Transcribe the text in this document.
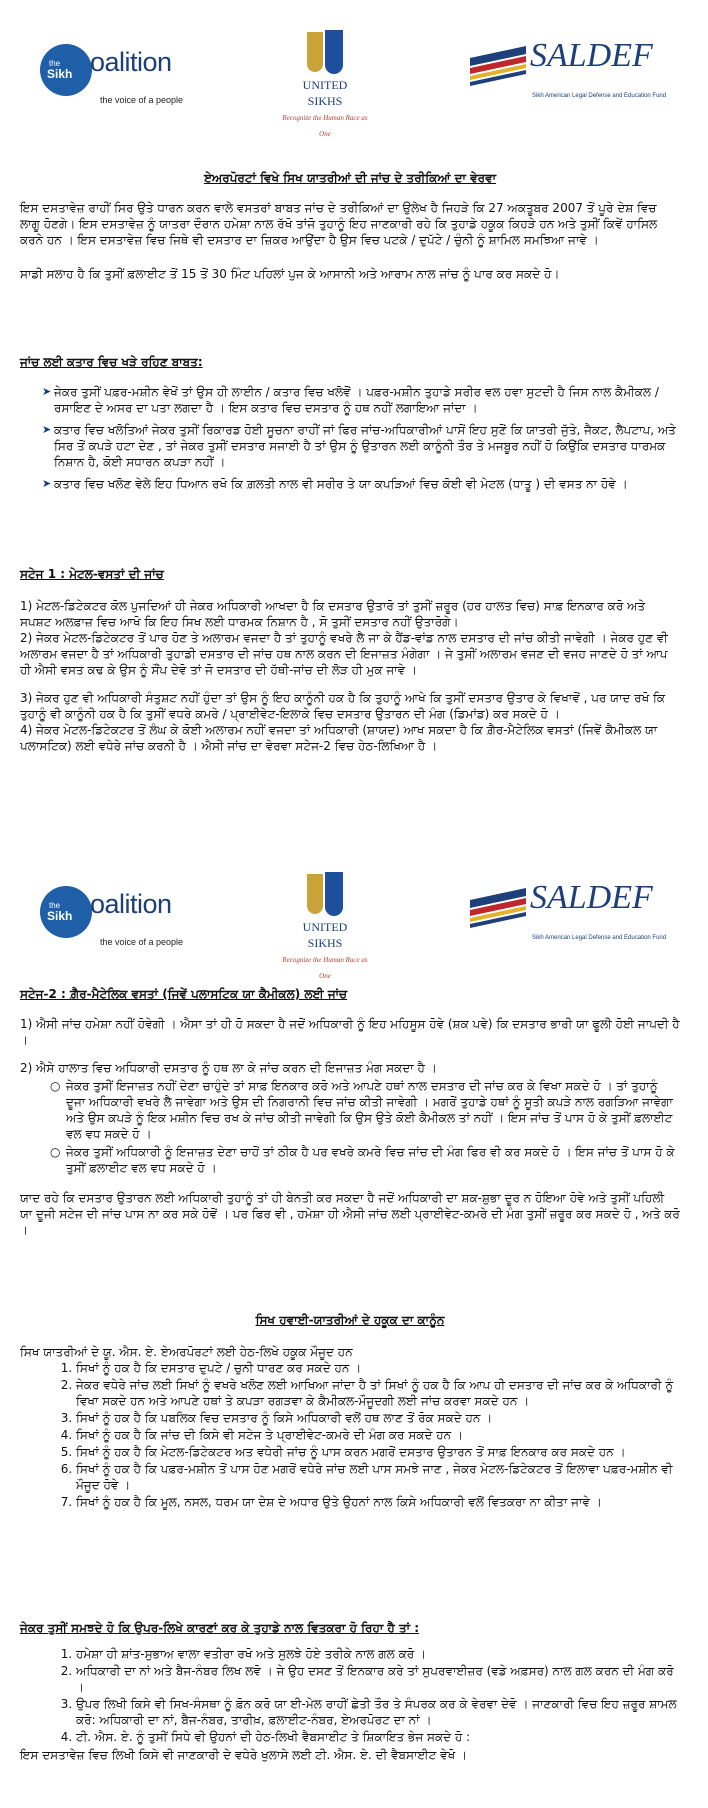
the
Sikh oalition
the voice of a people
UNITED
SIKHS
Recognize the Human Race as One
SALDEF
Sikh American Legal Defense and Education Fund
ਏਅਰਪੋਰਟਾਂ ਵਿਖੇ ਸਿਖ ਯਾਤਰੀਆਂ ਦੀ ਜਾਂਚ ਦੇ ਤਰੀਕਿਆਂ ਦਾ ਵੇਰਵਾ

ਇਸ ਦਸਤਾਵੇਜ਼ ਰਾਹੀਂ ਸਿਰ ਉਤੇ ਧਾਰਨ ਕਰਨ ਵਾਲੇ ਵਸਤਰਾਂ ਬਾਬਤ ਜਾਂਚ ਦੇ ਤਰੀਕਿਆਂ ਦਾ ਉਲੇਖ ਹੈ ਜਿਹੜੇ ਕਿ 27 ਅਕਤੂਬਰ 2007 ਤੋਂ ਪੂਰੇ ਦੇਸ਼ ਵਿਚ ਲਾਗੂ ਹੋਣਗੇ। ਇਸ ਦਸਤਾਵੇਜ਼ ਨੂੰ ਯਾਤਰਾ ਦੌਰਾਨ ਹਮੇਸ਼ਾ ਨਾਲ ਰੱਖੋ ਤਾਂਜੋ ਤੁਹਾਨੂੰ ਇਹ ਜਾਣਕਾਰੀ ਰਹੇ ਕਿ ਤੁਹਾਡੇ ਹਕੂਕ ਕਿਹੜੇ ਹਨ ਅਤੇ ਤੁਸੀਂ ਕਿਵੇਂ ਹਾਸਿਲ ਕਰਨੇ ਹਨ । ਇਸ ਦਸਤਾਵੇਜ਼ ਵਿਚ ਜਿਥੇ ਵੀ ਦਸਤਾਰ ਦਾ ਜ਼ਿਕਰ ਆਉਂਦਾ ਹੈ ਉਸ ਵਿਚ ਪਟਕੇ / ਦੁਪੱਟੇ / ਚੁੰਨੀ ਨੂੰ ਸ਼ਾਮਿਲ ਸਮਝਿਆ ਜਾਵੇ ।

ਸਾਡੀ ਸਲਾਹ ਹੈ ਕਿ ਤੁਸੀਂ ਫ਼ਲਾਈਟ ਤੋਂ 15 ਤੋਂ 30 ਮਿੰਟ ਪਹਿਲਾਂ ਪੁਜ ਕੇ ਆਸਾਨੀ ਅਤੇ ਆਰਾਮ ਨਾਲ ਜਾਂਚ ਨੂੰ ਪਾਰ ਕਰ ਸਕਦੇ ਹੋ।

ਜਾਂਚ ਲਈ ਕਤਾਰ ਵਿਚ ਖੜੇ ਰਹਿਣ ਬਾਬਤ:
➤ ਜੇਕਰ ਤੁਸੀਂ ਪਫ਼ਰ-ਮਸ਼ੀਨ ਵੇਖੋਂ ਤਾਂ ਉਸ ਹੀ ਲਾਈਨ / ਕਤਾਰ ਵਿਚ ਖਲੋਵੋਂ । ਪਫ਼ਰ-ਮਸ਼ੀਨ ਤੁਹਾਡੇ ਸਰੀਰ ਵਲ ਹਵਾ ਸੁਟਦੀ ਹੈ ਜਿਸ ਨਾਲ ਕੈਮੀਕਲ / ਰਸਾਇਣ ਦੇ ਅਸਰ ਦਾ ਪਤਾ ਲਗਦਾ ਹੈ । ਇਸ ਕਤਾਰ ਵਿਚ ਦਸਤਾਰ ਨੂੰ ਹਥ ਨਹੀਂ ਲਗਾਇਆ ਜਾਂਦਾ ।
➤ ਕਤਾਰ ਵਿਚ ਖਲੋਤਿਆਂ ਜੇਕਰ ਤੁਸੀਂ ਰਿਕਾਰਡ ਹੋਈ ਸੂਚਨਾ ਰਾਹੀਂ ਜਾਂ ਫਿਰ ਜਾਂਚ-ਅਧਿਕਾਰੀਆਂ ਪਾਸੋਂ ਇਹ ਸੁਣੋਂ ਕਿ ਯਾਤਰੀ ਜੁੱਤੇ, ਜੈਕਟ, ਲੈਪਟਾਪ, ਅਤੇ ਸਿਰ ਤੋਂ ਕਪੜੇ ਹਟਾ ਦੇਣ , ਤਾਂ ਜੇਕਰ ਤੁਸੀਂ ਦਸਤਾਰ ਸਜਾਈ ਹੈ ਤਾਂ ਉਸ ਨੂੰ ਉਤਾਰਨ ਲਈ ਕਾਨੂੰਨੀ ਤੌਰ ਤੇ ਮਜਬੂਰ ਨਹੀਂ ਹੋ ਕਿਉਂਕਿ ਦਸਤਾਰ ਧਾਰਮਕ ਨਿਸ਼ਾਨ ਹੈ, ਕੋਈ ਸਧਾਰਨ ਕਪੜਾ ਨਹੀਂ ।
➤ ਕਤਾਰ ਵਿਚ ਖਲੋਣ ਵੇਲੇ ਇਹ ਧਿਆਨ ਰਖੋ ਕਿ ਗ਼ਲਤੀ ਨਾਲ ਵੀ ਸਰੀਰ ਤੇ ਯਾ ਕਪੜਿਆਂ ਵਿਚ ਕੋਈ ਵੀ ਮੇਟਲ (ਧਾਤੂ ) ਦੀ ਵਸਤ ਨਾ ਹੋਵੇ ।
ਸਟੇਜ 1 : ਮੇਟਲ-ਵਸਤਾਂ ਦੀ ਜਾਂਚ

1) ਮੇਟਲ-ਡਿਟੇਕਟਰ ਕੋਲ ਪੁਜਦਿਆਂ ਹੀ ਜੇਕਰ ਅਧਿਕਾਰੀ ਆਖਦਾ ਹੈ ਕਿ ਦਸਤਾਰ ਉਤਾਰੋ ਤਾਂ ਤੁਸੀਂ ਜ਼ਰੂਰ (ਹਰ ਹਾਲਤ ਵਿਚ) ਸਾਫ਼ ਇਨਕਾਰ ਕਰੋ ਅਤੇ ਸਪਸ਼ਟ ਅਲਫ਼ਾਜ਼ ਵਿਚ ਆਖੋ ਕਿ ਇਹ ਸਿਖ ਲਈ ਧਾਰਮਕ ਨਿਸ਼ਾਨ ਹੈ , ਸੋ ਤੁਸੀਂ ਦਸਤਾਰ ਨਹੀਂ ਉਤਾਰੋਗੇ।

2) ਜੇਕਰ ਮੇਟਲ-ਡਿਟੇਕਟਰ ਤੋਂ ਪਾਰ ਹੋਣ ਤੇ ਅਲਾਰਮ ਵਜਦਾ ਹੈ ਤਾਂ ਤੁਹਾਨੂੰ ਵਖਰੇ ਲੈ ਜਾ ਕੇ ਹੈਂਡ-ਵਾਂਡ ਨਾਲ ਦਸਤਾਰ ਦੀ ਜਾਂਚ ਕੀਤੀ ਜਾਵੇਗੀ । ਜੇਕਰ ਹੁਣ ਵੀ ਅਲਾਰਮ ਵਜਦਾ ਹੈ ਤਾਂ ਅਧਿਕਾਰੀ ਤੁਹਾਡੀ ਦਸਤਾਰ ਦੀ ਜਾਂਚ ਹਥ ਨਾਲ ਕਰਨ ਦੀ ਇਜਾਜ਼ਤ ਮੰਗੇਗਾ । ਜੇ ਤੁਸੀਂ ਅਲਾਰਮ ਵਜਣ ਦੀ ਵਜਹ ਜਾਣਦੇ ਹੋ ਤਾਂ ਆਪ ਹੀ ਐਸੀ ਵਸਤ ਕਢ ਕੇ ਉਸ ਨੂੰ ਸੌਂਪ ਦੇਵੋ ਤਾਂ ਜੋ ਦਸਤਾਰ ਦੀ ਹੱਥੀ-ਜਾਂਚ ਦੀ ਲੋੜ ਹੀ ਮੁਕ ਜਾਵੇ ।

3) ਜੇਕਰ ਹੁਣ ਵੀ ਅਧਿਕਾਰੀ ਸੰਤੁਸ਼ਟ ਨਹੀਂ ਹੁੰਦਾ ਤਾਂ ਉਸ ਨੂੰ ਇਹ ਕਾਨੂੰਨੀ ਹਕ ਹੈ ਕਿ ਤੁਹਾਨੂੰ ਆਖੇ ਕਿ ਤੁਸੀਂ ਦਸਤਾਰ ਉਤਾਰ ਕੇ ਵਿਖਾਵੋਂ , ਪਰ ਯਾਦ ਰਖੋ ਕਿ ਤੁਹਾਨੂੰ ਵੀ ਕਾਨੂੰਨੀ ਹਕ ਹੈ ਕਿ ਤੁਸੀਂ ਵਧਰੇ ਕਮਰੇ / ਪ੍ਰਾਈਵੇਟ-ਇਲਾਕੇ ਵਿਚ ਦਸਤਾਰ ਉਤਾਰਨ ਦੀ ਮੰਗ (ਡਿਮਾਂਡ) ਕਰ ਸਕਦੇ ਹੋ ।

4) ਜੇਕਰ ਮੇਟਲ-ਡਿਟੇਕਟਰ ਤੋਂ ਲੰਘ ਕੇ ਕੋਈ ਅਲਾਰਮ ਨਹੀਂ ਵਜਦਾ ਤਾਂ ਅਧਿਕਾਰੀ (ਸ਼ਾਯਦ) ਆਖ ਸਕਦਾ ਹੈ ਕਿ ਗ਼ੈਰ-ਮੈਟੇਲਿਕ ਵਸਤਾਂ (ਜਿਵੇਂ ਕੈਮੀਕਲ ਯਾ ਪਲਾਸਟਿਕ) ਲਈ ਵਧੇਰੇ ਜਾਂਚ ਕਰਨੀ ਹੈ । ਐਸੀ ਜਾਂਚ ਦਾ ਵੇਰਵਾ ਸਟੇਜ-2 ਵਿਚ ਹੇਠ-ਲਿਖਿਆ ਹੈ ।

the
Sikh oalition
the voice of a people
UNITED
SIKHS
Recognize the Human Race as One
SALDEF
Sikh American Legal Defense and Education Fund
ਸਟੇਜ-2 : ਗ਼ੈਰ-ਮੈਟੇਲਿਕ ਵਸਤਾਂ (ਜਿਵੇਂ ਪਲਾਸਟਿਕ ਯਾ ਕੈਮੀਕਲ) ਲਈ ਜਾਂਚ

1) ਐਸੀ ਜਾਂਚ ਹਮੇਸ਼ਾ ਨਹੀਂ ਹੋਵੇਗੀ । ਐਸਾ ਤਾਂ ਹੀ ਹੋ ਸਕਦਾ ਹੈ ਜਦੋਂ ਅਧਿਕਾਰੀ ਨੂੰ ਇਹ ਮਹਿਸੂਸ ਹੋਵੇ (ਸ਼ਕ ਪਵੇ) ਕਿ ਦਸਤਾਰ ਭਾਰੀ ਯਾ ਫੂਲੀ ਹੋਈ ਜਾਪਦੀ ਹੈ ।

2) ਐਸੇ ਹਾਲਾਤ ਵਿਚ ਅਧਿਕਾਰੀ ਦਸਤਾਰ ਨੂੰ ਹਥ ਲਾ ਕੇ ਜਾਂਚ ਕਰਨ ਦੀ ਇਜਾਜ਼ਤ ਮੰਗ ਸਕਦਾ ਹੈ ।

○ ਜੇਕਰ ਤੁਸੀਂ ਇਜਾਜ਼ਤ ਨਹੀਂ ਦੇਣਾ ਚਾਹੁੰਦੇ ਤਾਂ ਸਾਫ਼ ਇਨਕਾਰ ਕਰੋ ਅਤੇ ਆਪਣੇ ਹਥਾਂ ਨਾਲ ਦਸਤਾਰ ਦੀ ਜਾਂਚ ਕਰ ਕੇ ਵਿਖਾ ਸਕਦੇ ਹੋ । ਤਾਂ ਤੁਹਾਨੂੰ ਦੂਜਾ ਅਧਿਕਾਰੀ ਵਖਰੇ ਲੈ ਜਾਵੇਗਾ ਅਤੇ ਉਸ ਦੀ ਨਿਗਰਾਨੀ ਵਿਚ ਜਾਂਚ ਕੀਤੀ ਜਾਵੇਗੀ । ਮਗਰੋਂ ਤੁਹਾਡੇ ਹਥਾਂ ਨੂੰ ਸੂਤੀ ਕਪੜੇ ਨਾਲ ਰਗੜਿਆ ਜਾਵੇਗਾ ਅਤੇ ਉਸ ਕਪੜੇ ਨੂੰ ਇਕ ਮਸ਼ੀਨ ਵਿਚ ਰਖ ਕੇ ਜਾਂਚ ਕੀਤੀ ਜਾਵੇਗੀ ਕਿ ਉਸ ਉਤੇ ਕੋਈ ਕੈਮੀਕਲ ਤਾਂ ਨਹੀਂ । ਇਸ ਜਾਂਚ ਤੋਂ ਪਾਸ ਹੋ ਕੇ ਤੁਸੀਂ ਫ਼ਲਾਈਟ ਵਲ ਵਧ ਸਕਦੇ ਹੋ ।
○ ਜੇਕਰ ਤੁਸੀਂ ਅਧਿਕਾਰੀ ਨੂੰ ਇਜਾਜ਼ਤ ਦੇਣਾ ਚਾਹੋਂ ਤਾਂ ਠੀਕ ਹੈ ਪਰ ਵਖਰੇ ਕਮਰੇ ਵਿਚ ਜਾਂਚ ਦੀ ਮੰਗ ਫਿਰ ਵੀ ਕਰ ਸਕਦੇ ਹੋ । ਇਸ ਜਾਂਚ ਤੋਂ ਪਾਸ ਹੋ ਕੇ ਤੁਸੀਂ ਫ਼ਲਾਈਟ ਵਲ ਵਧ ਸਕਦੇ ਹੋ ।

ਯਾਦ ਰਹੇ ਕਿ ਦਸਤਾਰ ਉਤਾਰਨ ਲਈ ਅਧਿਕਾਰੀ ਤੁਹਾਨੂੰ ਤਾਂ ਹੀ ਬੇਨਤੀ ਕਰ ਸਕਦਾ ਹੈ ਜਦੋਂ ਅਧਿਕਾਰੀ ਦਾ ਸ਼ਕ-ਸ਼ੁਭਾ ਦੂਰ ਨ ਹੋਇਆ ਹੋਵੇ ਅਤੇ ਤੁਸੀਂ ਪਹਿਲੀ ਯਾ ਦੂਜੀ ਸਟੇਜ ਦੀ ਜਾਂਚ ਪਾਸ ਨਾ ਕਰ ਸਕੇ ਹੋਵੋਂ । ਪਰ ਫਿਰ ਵੀ , ਹਮੇਸ਼ਾ ਹੀ ਐਸੀ ਜਾਂਚ ਲਈ ਪ੍ਰਾਈਵੇਟ-ਕਮਰੇ ਦੀ ਮੰਗ ਤੁਸੀਂ ਜ਼ਰੂਰ ਕਰ ਸਕਦੇ ਹੋ , ਅਤੇ ਕਰੋ ।

ਸਿਖ ਹਵਾਈ-ਯਾਤਰੀਆਂ ਦੇ ਹਕੂਕ ਦਾ ਕਾਨੂੰਨ

ਸਿਖ ਯਾਤਰੀਆਂ ਦੇ ਯੂ. ਐਸ. ਏ. ਏਅਰਪੋਰਟਾਂ ਲਈ ਹੇਠ-ਲਿਖੇ ਹਕੂਕ ਮੌਜੂਦ ਹਨ

1. ਸਿਖਾਂ ਨੂੰ ਹਕ ਹੈ ਕਿ ਦਸਤਾਰ ਦੁਪਟੇ / ਚੁਨੀ ਧਾਰਣ ਕਰ ਸਕਦੇ ਹਨ ।
2. ਜੇਕਰ ਵਧੇਰੇ ਜਾਂਚ ਲਈ ਸਿਖਾਂ ਨੂੰ ਵਖਰੇ ਖਲੋਣ ਲਈ ਆਖਿਆ ਜਾਂਦਾ ਹੈ ਤਾਂ ਸਿਖਾਂ ਨੂੰ ਹਕ ਹੈ ਕਿ ਆਪ ਹੀ ਦਸਤਾਰ ਦੀ ਜਾਂਚ ਕਰ ਕੇ ਅਧਿਕਾਰੀ ਨੂੰ ਵਿਖਾ ਸਕਦੇ ਹਨ ਅਤੇ ਆਪਣੇ ਹਥਾਂ ਤੇ ਕਪੜਾ ਰਗੜਵਾ ਕੇ ਕੈਮੀਕਲ-ਮੌਜੂਦਗੀ ਲਈ ਜਾਂਚ ਕਰਵਾ ਸਕਦੇ ਹਨ ।
3. ਸਿਖਾਂ ਨੂੰ ਹਕ ਹੈ ਕਿ ਪਬਲਿਕ ਵਿਚ ਦਸਤਾਰ ਨੂੰ ਕਿਸੇ ਅਧਿਕਾਰੀ ਵਲੋਂ ਹਥ ਲਾਣ ਤੋਂ ਰੋਕ ਸਕਦੇ ਹਨ ।
4. ਸਿਖਾਂ ਨੂੰ ਹਕ ਹੈ ਕਿ ਜਾਂਚ ਦੀ ਕਿਸੇ ਵੀ ਸਟੇਜ ਤੇ ਪ੍ਰਾਈਵੇਟ-ਕਮਰੇ ਦੀ ਮੰਗ ਕਰ ਸਕਦੇ ਹਨ ।
5. ਸਿਖਾਂ ਨੂੰ ਹਕ ਹੈ ਕਿ ਮੇਟਲ-ਡਿਟੇਕਟਰ ਅਤ ਵਧੇਰੀ ਜਾਂਚ ਨੂੰ ਪਾਸ ਕਰਨ ਮਗਰੋਂ ਦਸਤਾਰ ਉਤਾਰਨ ਤੋਂ ਸਾਫ਼ ਇਨਕਾਰ ਕਰ ਸਕਦੇ ਹਨ ।
6. ਸਿਖਾਂ ਨੂੰ ਹਕ ਹੈ ਕਿ ਪਫ਼ਰ-ਮਸ਼ੀਨ ਤੋਂ ਪਾਸ ਹੋਣ ਮਗਰੋਂ ਵਧੇਰੇ ਜਾਂਚ ਲਈ ਪਾਸ ਸਮਝੇ ਜਾਣ , ਜੇਕਰ ਮੇਟਲ-ਡਿਟੇਕਟਰ ਤੋਂ ਇਲਾਵਾ ਪਫ਼ਰ-ਮਸ਼ੀਨ ਵੀ ਮੌਜੂਦ ਹੋਵੇ ।
7. ਸਿਖਾਂ ਨੂੰ ਹਕ ਹੈ ਕਿ ਮੂਲ, ਨਸਲ, ਧਰਮ ਯਾ ਦੇਸ਼ ਦੇ ਅਧਾਰ ਉਤੇ ਉਹਨਾਂ ਨਾਲ ਕਿਸੇ ਅਧਿਕਾਰੀ ਵਲੋਂ ਵਿਤਕਰਾ ਨਾ ਕੀਤਾ ਜਾਵੇ ।
ਜੇਕਰ ਤੁਸੀਂ ਸਮਝਦੇ ਹੋ ਕਿ ਉਪਰ-ਲਿਖੇ ਕਾਰਣਾਂ ਕਰ ਕੇ ਤੁਹਾਡੇ ਨਾਲ ਵਿਤਕਰਾ ਹੋ ਰਿਹਾ ਹੈ ਤਾਂ :
1. ਹਮੇਸ਼ਾ ਹੀ ਸ਼ਾਂਤ-ਸੁਭਾਅ ਵਾਲਾ ਵਤੀਰਾ ਰਖੋ ਅਤੇ ਸੁਲਝੇ ਹੋਏ ਤਰੀਕੇ ਨਾਲ ਗਲ ਕਰੋ ।
2. ਅਧਿਕਾਰੀ ਦਾ ਨਾਂ ਅਤੇ ਬੈਜ-ਨੰਬਰ ਲਿਖ ਲਵੋ । ਜੇ ਉਹ ਦਸਣ ਤੋਂ ਇਨਕਾਰ ਕਰੇ ਤਾਂ ਸੁਪਰਵਾਈਜ਼ਰ (ਵਡੇ ਅਫ਼ਸਰ) ਨਾਲ ਗਲ ਕਰਨ ਦੀ ਮੰਗ ਕਰੋ ।
3. ਉਪਰ ਲਿਖੀ ਕਿਸੇ ਵੀ ਸਿਖ-ਸੰਸਥਾ ਨੂੰ ਫ਼ੋਨ ਕਰੋ ਯਾ ਈ-ਮੇਲ ਰਾਹੀਂ ਛੇਤੀ ਤੌਰ ਤੇ ਸੰਪਰਕ ਕਰ ਕੇ ਵੇਰਵਾ ਦੇਵੋ । ਜਾਣਕਾਰੀ ਵਿਚ ਇਹ ਜ਼ਰੂਰ ਸ਼ਾਮਲ ਕਰੋ: ਅਧਿਕਾਰੀ ਦਾ ਨਾਂ, ਬੈਜ-ਨੰਬਰ, ਤਾਰੀਖ਼, ਫ਼ਲਾਈਟ-ਨੰਬਰ, ਏਅਰਪੋਰਟ ਦਾ ਨਾਂ ।
4. ਟੀ. ਐਸ. ਏ. ਨੂੰ ਤੁਸੀਂ ਸਿਧੇ ਵੀ ਉਹਨਾਂ ਦੀ ਹੇਠ-ਲਿਖੀ ਵੈਬਸਾਈਟ ਤੇ ਸ਼ਿਕਾਇਤ ਭੇਜ ਸਕਦੇ ਹੋ :

ਇਸ ਦਸਤਾਵੇਜ਼ ਵਿਚ ਲਿਖੀ ਕਿਸੇ ਵੀ ਜਾਣਕਾਰੀ ਦੇ ਵਧੇਰੇ ਖੁਲਾਸੇ ਲਈ ਟੀ. ਐਸ. ਏ. ਦੀ ਵੈਬਸਾਈਟ ਵੇਖੋ ।
